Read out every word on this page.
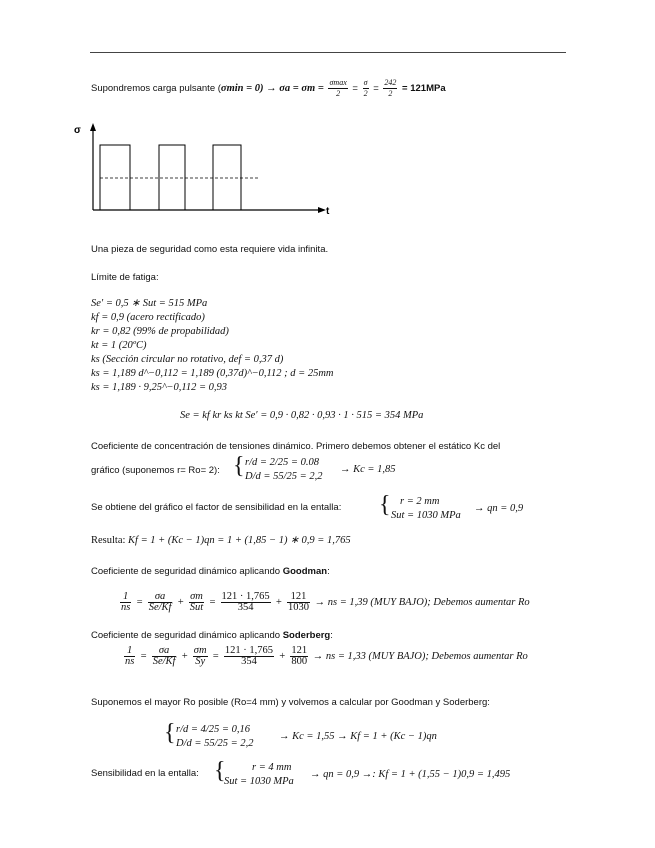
Supondremos carga pulsante $(\sigma\min = 0) \to \sigma a = \sigma m = \frac{\sigma\max}{2} = \frac{\sigma}{2} = \frac{242}{2} = 121MPa$
σ
t
Una pieza de seguridad como esta requiere vida infinita.
Límite de fatiga:
Se′ = 0,5 ∗ Sut = 515 MPa
kf = 0,9 (acero rectificado)
kr = 0,82 (99% de propabilidad)
kt = 1 (20ºC)
ks (Sección circular no rotativo, def = 0,37 d)
ks = 1,189 d^−0,112 = 1,189 (0,37d)^−0,112 ; d = 25mm
ks = 1,189 · 9,25^−0,112 = 0,93
Se = kf kr ks kt Se′ = 0,9 · 0,82 · 0,93 · 1 · 515 = 354 MPa
Coeficiente de concentración de tensiones dinámico. Primero debemos obtener el estático Kc del
gráfico (suponemos r= Ro= 2): { r/d = 2/25 = 0.08
D/d = 55/25 = 2,2
→ Kc = 1,85
Se obtiene del gráfico el factor de sensibilidad en la entalla: { r = 2 mm
Sut = 1030 MPa
→ qn = 0,9
Resulta: Kf = 1 + (Kc − 1)qn = 1 + (1,85 − 1) ∗ 0,9 = 1,765
Coeficiente de seguridad dinámico aplicando Goodman:
$\frac{1}{ns} = \frac{\sigma a}{Se/Kf} + \frac{\sigma m}{\text{Sut}} = \frac{121 \cdot 1,765}{354} + \frac{121}{1030}$ → ns = 1,39 (MUY BAJO); Debemos aumentar Ro
Coeficiente de seguridad dinámico aplicando Soderberg:
$\frac{1}{ns} = \frac{\sigma a}{Se/Kf} + \frac{\sigma m}{Sy} = \frac{121 \cdot 1,765}{354} + \frac{121}{800}$ → ns = 1,33 (MUY BAJO); Debemos aumentar Ro
Suponemos el mayor Ro posible (Ro=4 mm) y volvemos a calcular por Goodman y Soderberg:
{ r/d = 4/25 = 0,16
D/d = 55/25 = 2,2
→ Kc = 1,55 → Kf = 1 + (Kc − 1)qn
Sensibilidad en la entalla: {	r = 4 mm
Sut = 1030 MPa
→ qn = 0,9 →: Kf = 1 + (1,55 − 1)0,9 = 1,495
